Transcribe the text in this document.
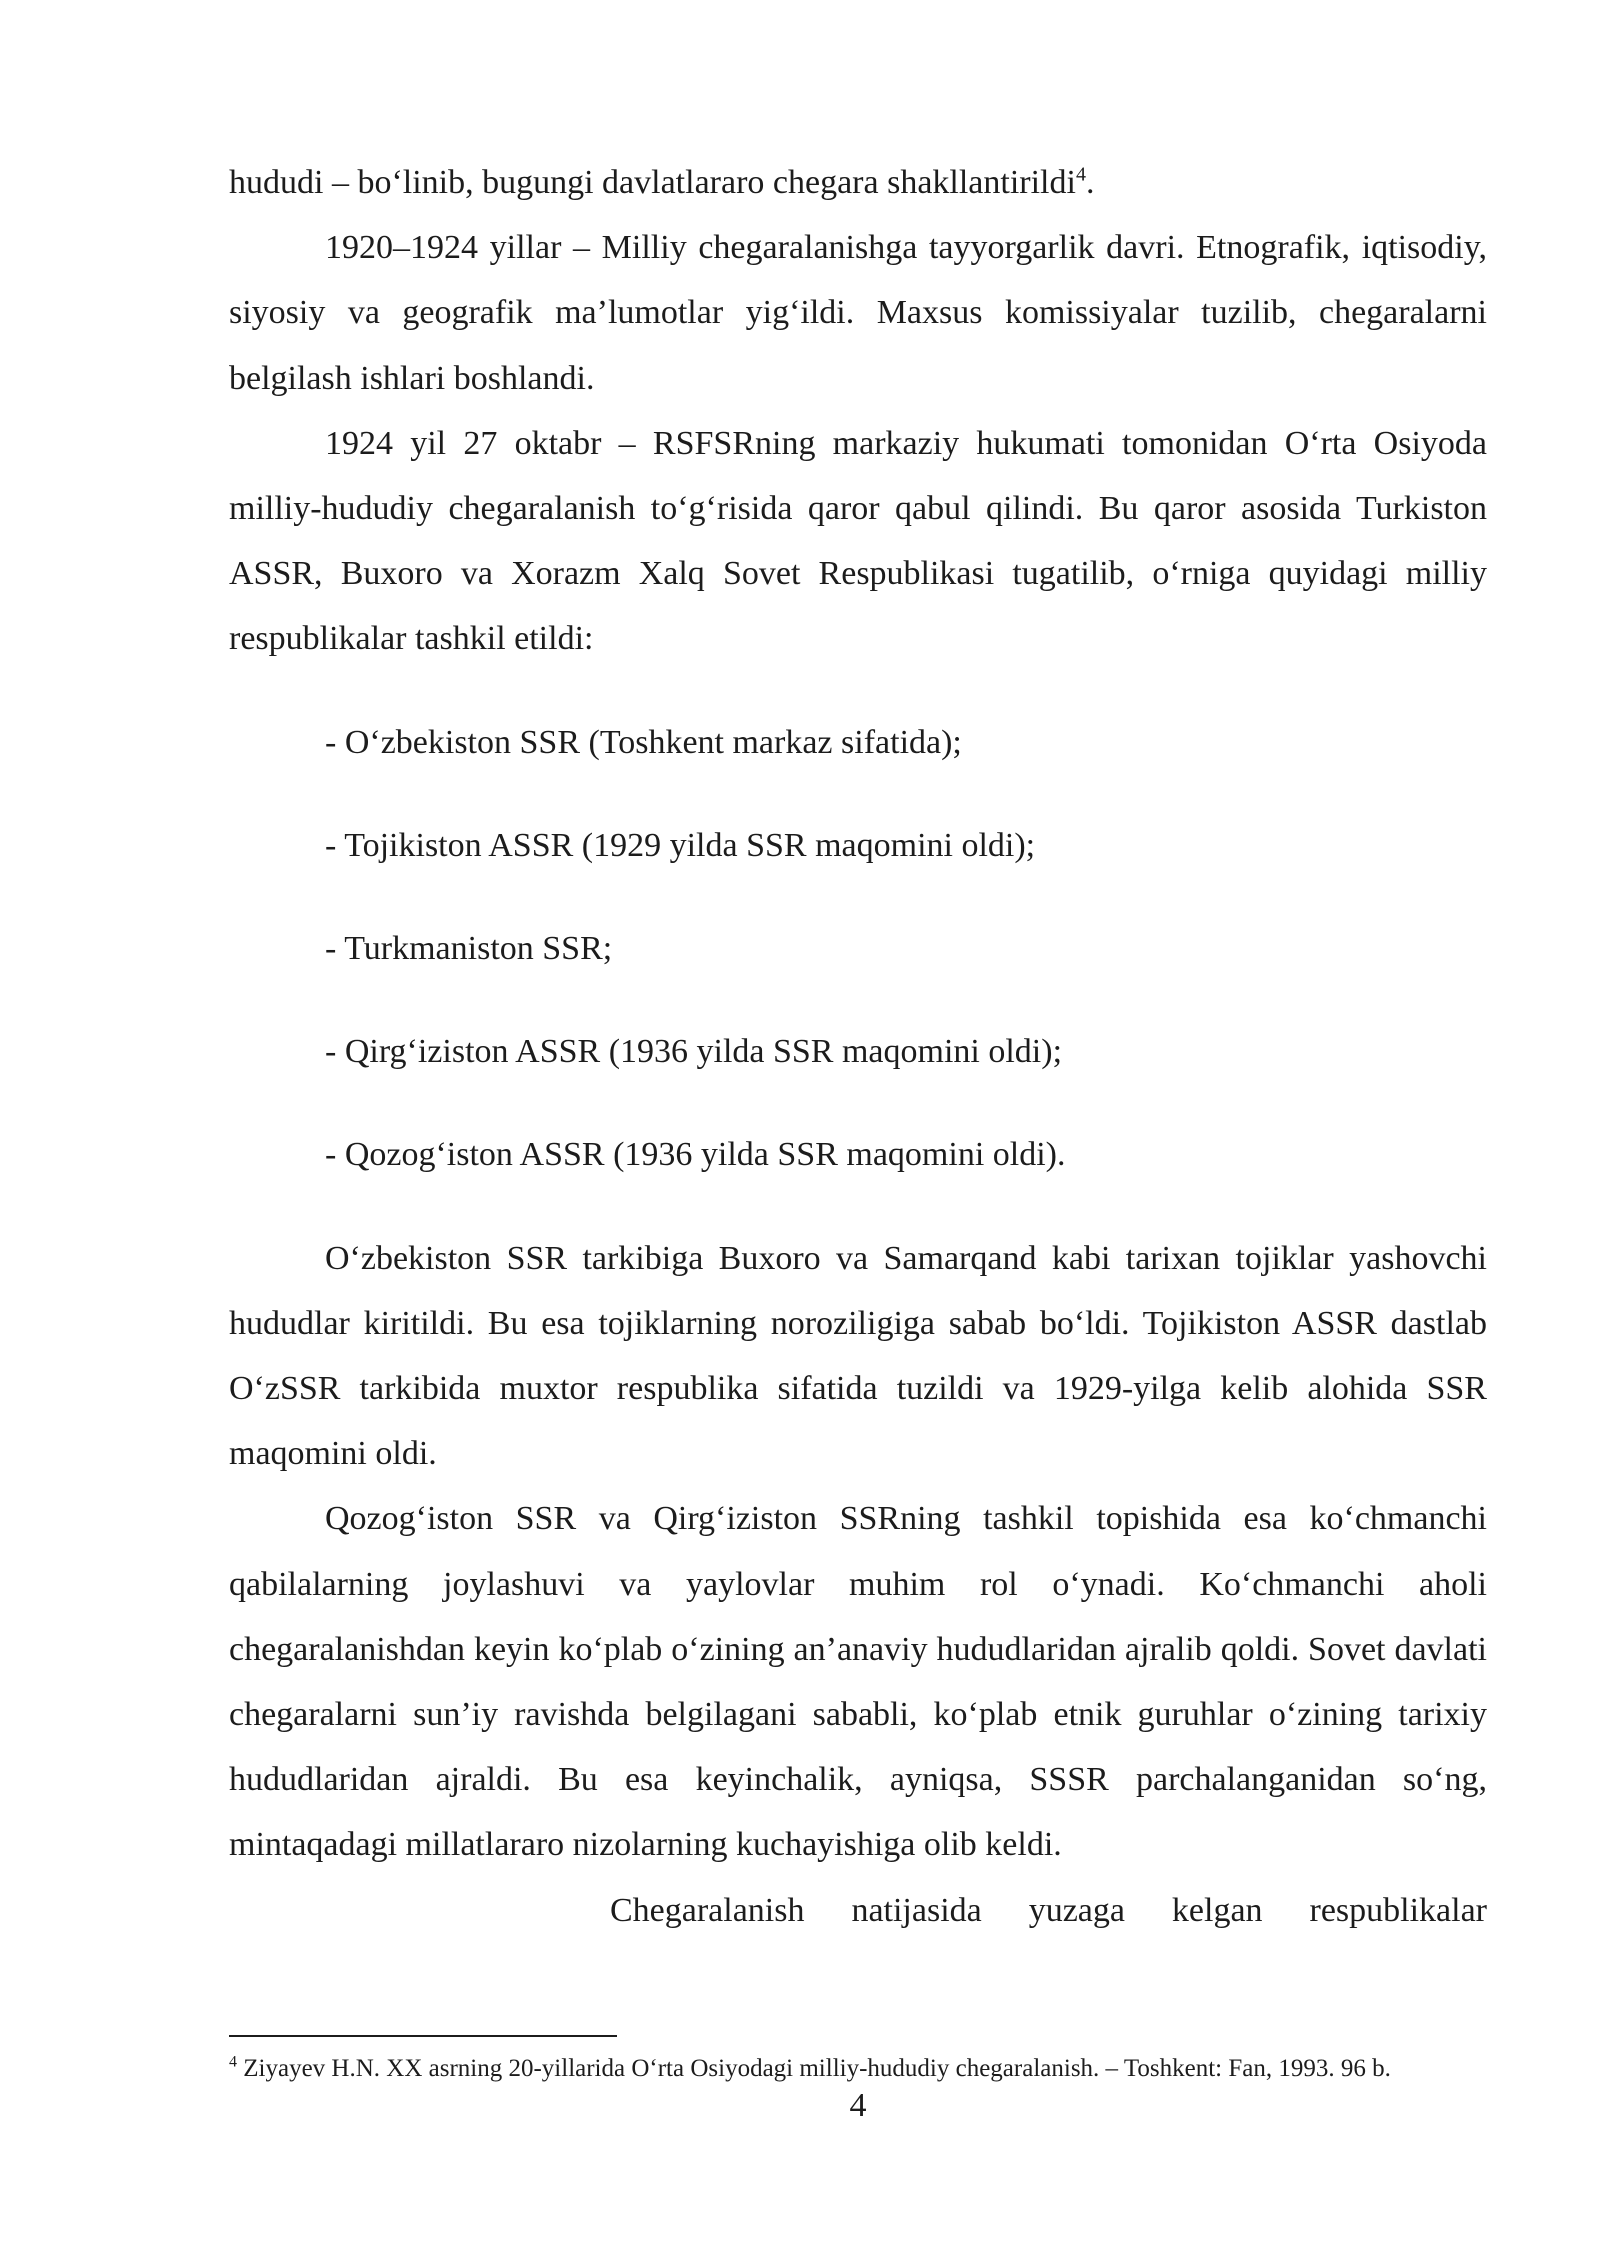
hududi – bo‘linib, bugungi davlatlararo chegara shakllantirildi$^4$.

1920–1924 yillar – Milliy chegaralanishga tayyorgarlik davri. Etnografik, iqtisodiy, siyosiy va geografik ma’lumotlar yig‘ildi. Maxsus komissiyalar tuzilib, chegaralarni belgilash ishlari boshlandi.

1924 yil 27 oktabr – RSFSRning markaziy hukumati tomonidan O‘rta Osiyoda milliy-hududiy chegaralanish to‘g‘risida qaror qabul qilindi. Bu qaror asosida Turkiston ASSR, Buxoro va Xorazm Xalq Sovet Respublikasi tugatilib, o‘rniga quyidagi milliy respublikalar tashkil etildi:

- O‘zbekiston SSR (Toshkent markaz sifatida);

- Tojikiston ASSR (1929 yilda SSR maqomini oldi);

- Turkmaniston SSR;

- Qirg‘iziston ASSR (1936 yilda SSR maqomini oldi);

- Qozog‘iston ASSR (1936 yilda SSR maqomini oldi).

O‘zbekiston SSR tarkibiga Buxoro va Samarqand kabi tarixan tojiklar yashovchi hududlar kiritildi. Bu esa tojiklarning noroziligiga sabab bo‘ldi. Tojikiston ASSR dastlab O‘zSSR tarkibida muxtor respublika sifatida tuzildi va 1929-yilga kelib alohida SSR maqomini oldi.

Qozog‘iston SSR va Qirg‘iziston SSRning tashkil topishida esa ko‘chmanchi qabilalarning joylashuvi va yaylovlar muhim rol o‘ynadi. Ko‘chmanchi aholi chegaralanishdan keyin ko‘plab o‘zining an’anaviy hududlaridan ajralib qoldi. Sovet davlati chegaralarni sun’iy ravishda belgilagani sababli, ko‘plab etnik guruhlar o‘zining tarixiy hududlaridan ajraldi. Bu esa keyinchalik, ayniqsa, SSSR parchalanganidan so‘ng, mintaqadagi millatlararo nizolarning kuchayishiga olib keldi.

Chegaralanish natijasida yuzaga kelgan respublikalar

$^4$ Ziyayev H.N. XX asrning 20-yillarida O‘rta Osiyodagi milliy-hududiy chegaralanish. – Toshkent: Fan, 1993. 96 b.
4
